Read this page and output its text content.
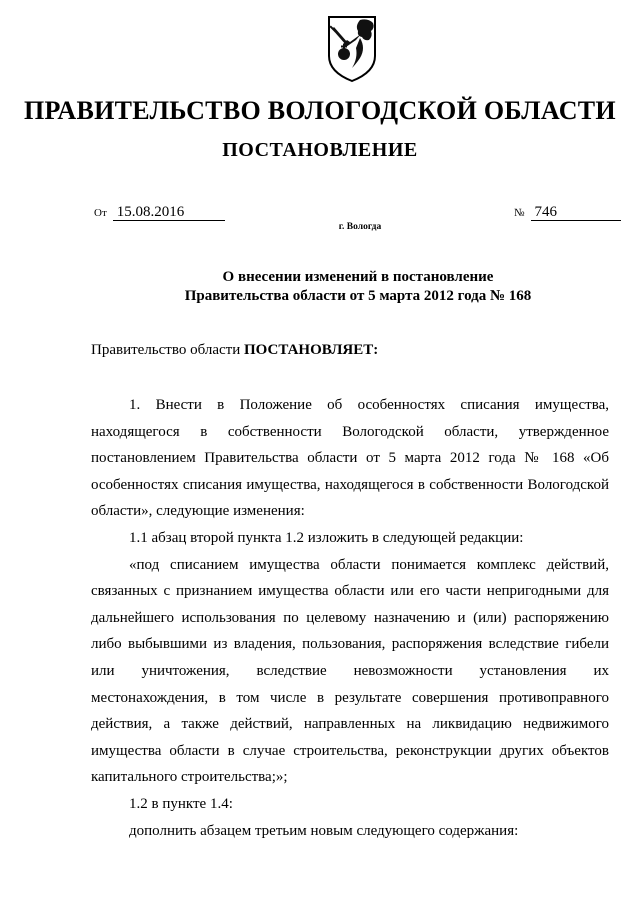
ПРАВИТЕЛЬСТВО ВОЛОГОДСКОЙ ОБЛАСТИ
ПОСТАНОВЛЕНИЕ
От 15.08.2016	№ 746
г. Вологда
О внесении изменений в постановление
Правительства области от 5 марта 2012 года № 168
Правительство области ПОСТАНОВЛЯЕТ:

1. Внести в Положение об особенностях списания имущества, находящегося в собственности Вологодской области, утвержденное постановлением Правительства области от 5 марта 2012 года № 168 «Об особенностях списания имущества, находящегося в собственности Вологодской области», следующие изменения:

1.1 абзац второй пункта 1.2 изложить в следующей редакции:

«под списанием имущества области понимается комплекс действий, связанных с признанием имущества области или его части непригодными для дальнейшего использования по целевому назначению и (или) распоряжению либо выбывшими из владения, пользования, распоряжения вследствие гибели или уничтожения, вследствие невозможности установления их местонахождения, в том числе в результате совершения противоправного действия, а также действий, направленных на ликвидацию недвижимого имущества области в случае строительства, реконструкции других объектов капитального строительства;»;

1.2 в пункте 1.4:

дополнить абзацем третьим новым следующего содержания:
